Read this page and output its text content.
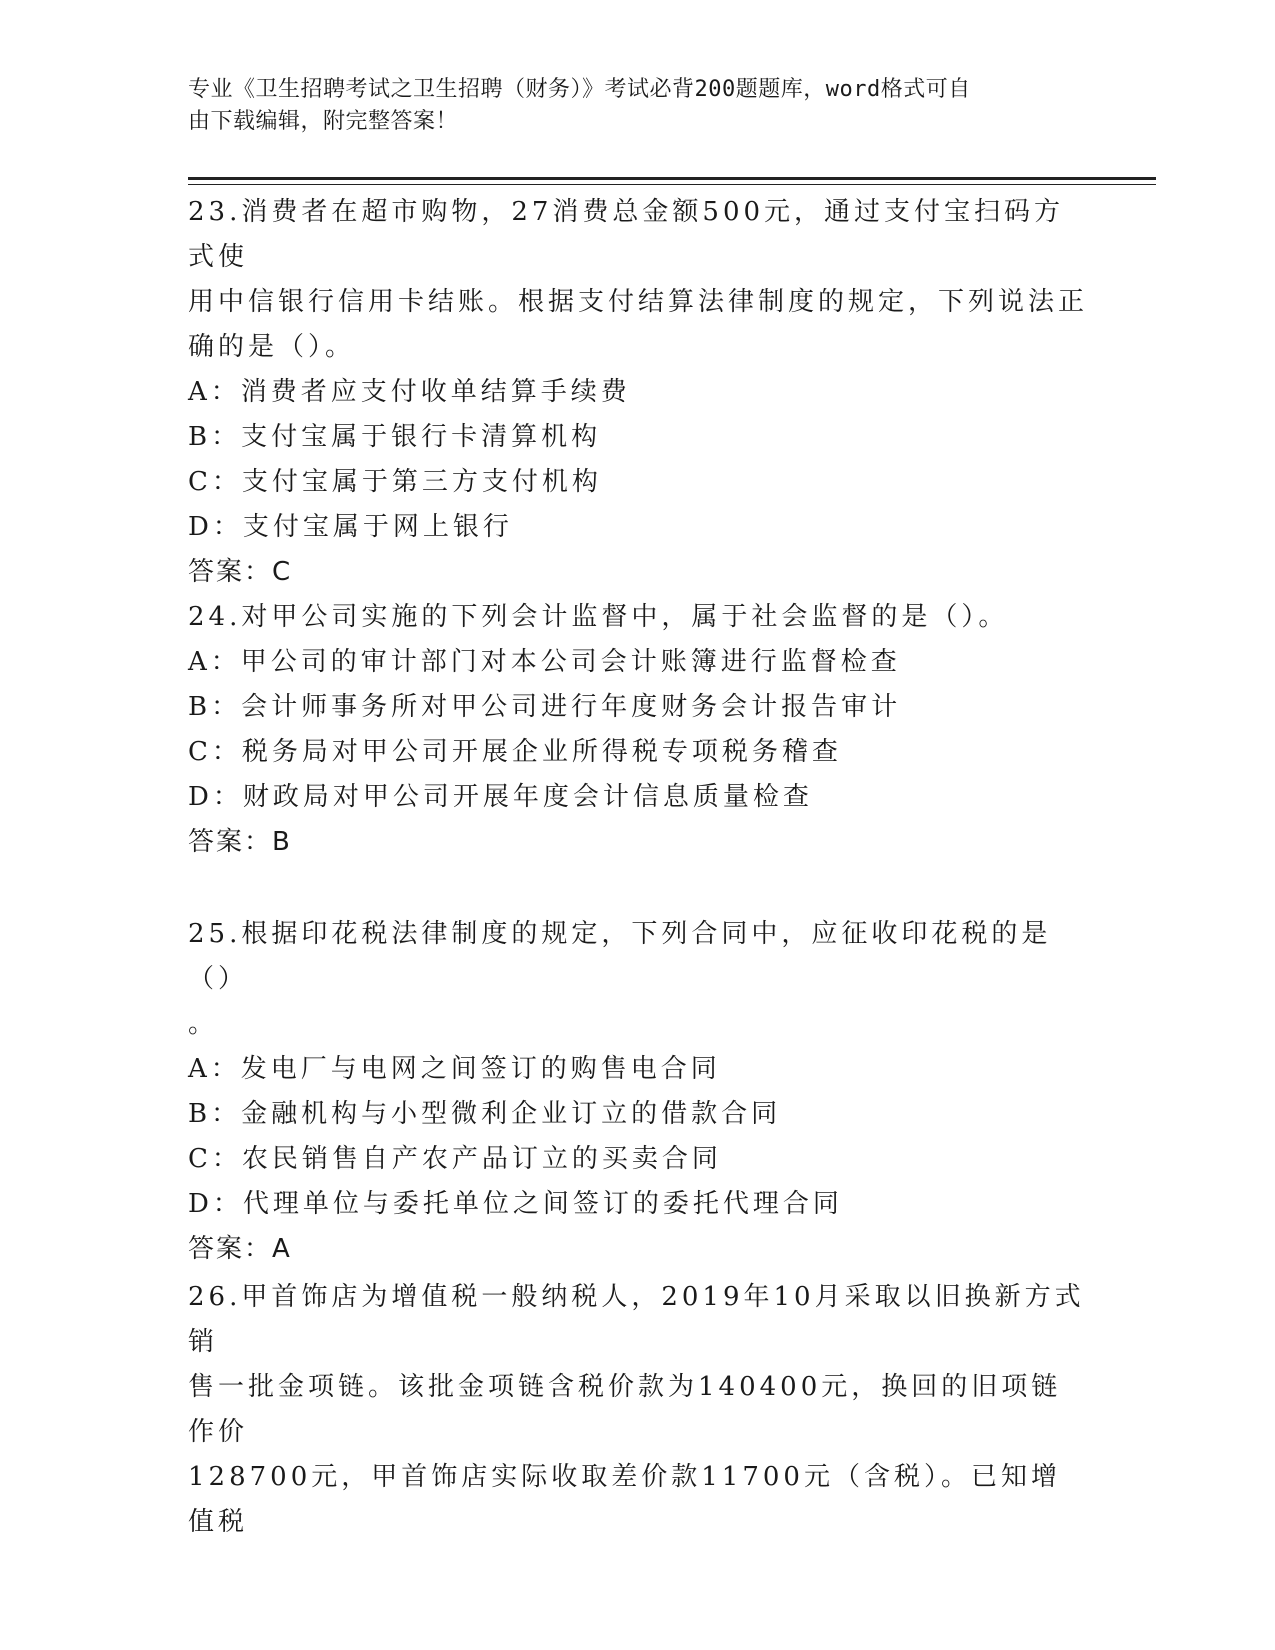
专业《卫生招聘考试之卫生招聘（财务）》考试必背200题题库，word格式可自
由下载编辑，附完整答案！

23.消费者在超市购物，27消费总金额500元，通过支付宝扫码方式使

用中信银行信用卡结账。根据支付结算法律制度的规定，下列说法正

确的是（）。

A：消费者应支付收单结算手续费

B：支付宝属于银行卡清算机构

C：支付宝属于第三方支付机构

D：支付宝属于网上银行

答案：C

24.对甲公司实施的下列会计监督中，属于社会监督的是（）。

A：甲公司的审计部门对本公司会计账簿进行监督检查

B：会计师事务所对甲公司进行年度财务会计报告审计

C：税务局对甲公司开展企业所得税专项税务稽查

D：财政局对甲公司开展年度会计信息质量检查

答案：B

25.根据印花税法律制度的规定，下列合同中，应征收印花税的是（）

。

A：发电厂与电网之间签订的购售电合同

B：金融机构与小型微利企业订立的借款合同

C：农民销售自产农产品订立的买卖合同

D：代理单位与委托单位之间签订的委托代理合同

答案：A

26.甲首饰店为增值税一般纳税人，2019年10月采取以旧换新方式销

售一批金项链。该批金项链含税价款为140400元，换回的旧项链作价

128700元，甲首饰店实际收取差价款11700元（含税）。已知增值税
